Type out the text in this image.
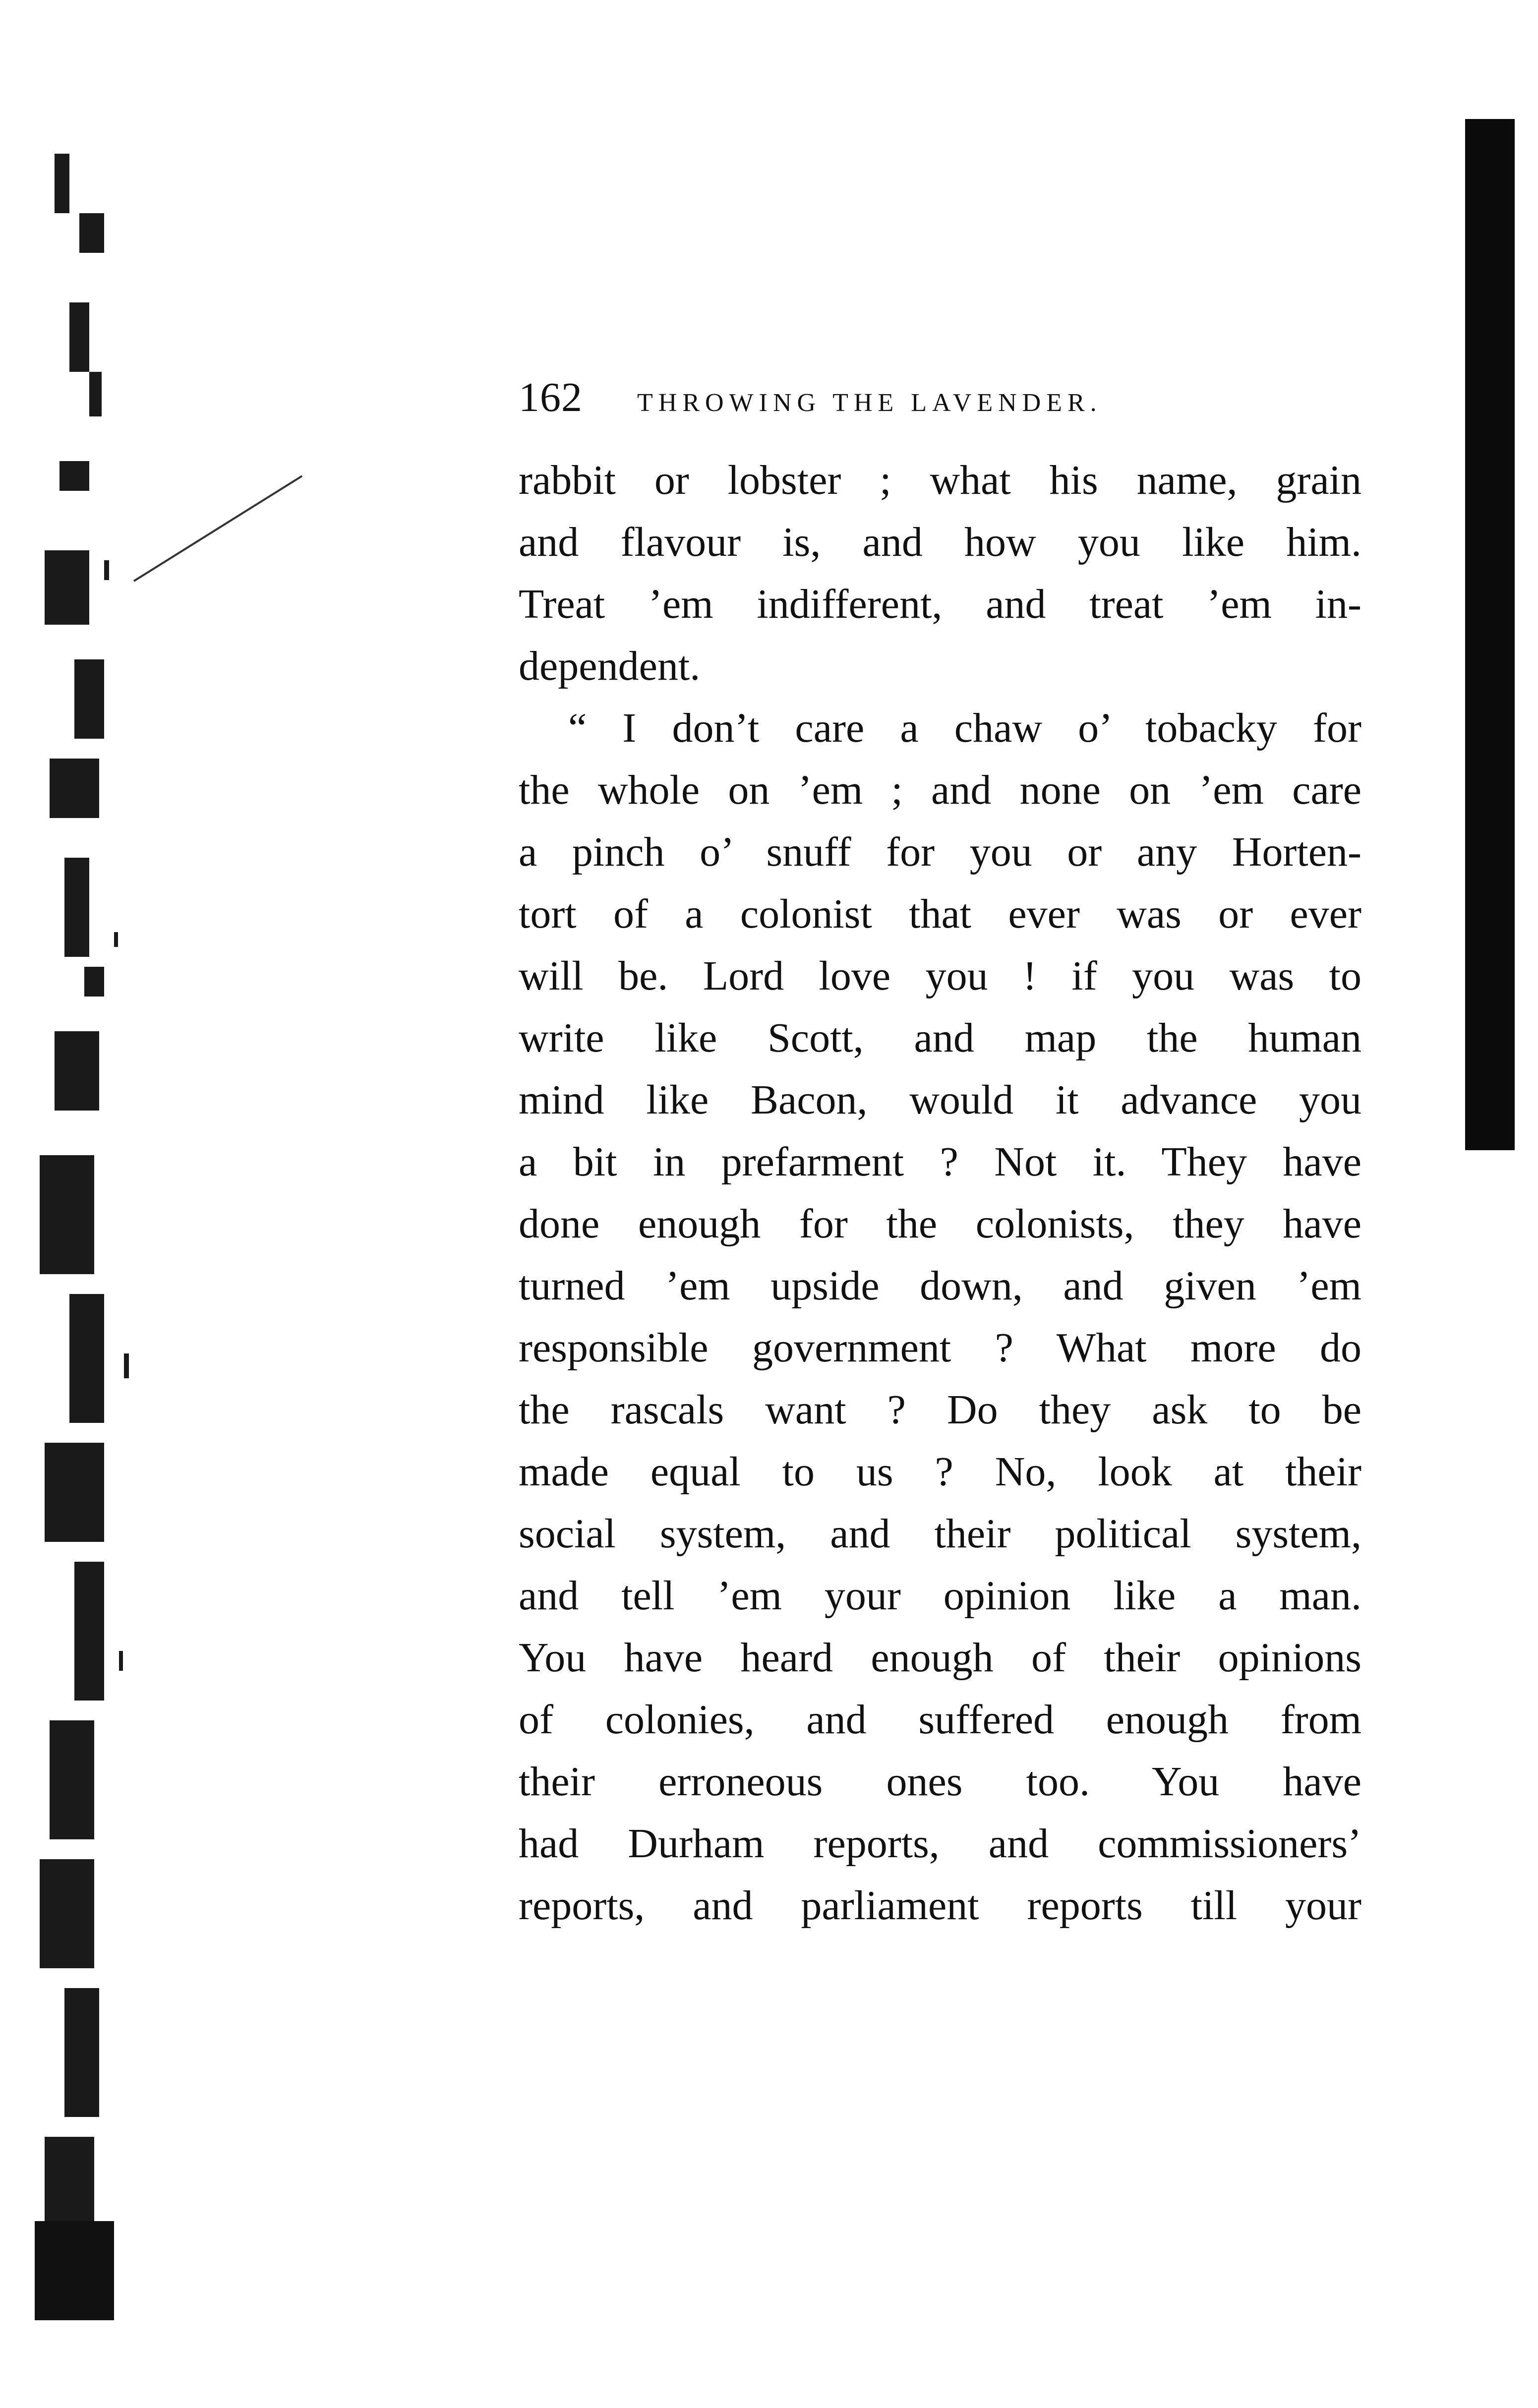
162 THROWING THE LAVENDER.
rabbit or lobster ; what his name, grain
and flavour is, and how you like him.
Treat ’em indifferent, and treat ’em in-
dependent.
“ I don’t care a chaw o’ tobacky for
the whole on ’em ; and none on ’em care
a pinch o’ snuff for you or any Horten-
tort of a colonist that ever was or ever
will be. Lord love you ! if you was to
write like Scott, and map the human
mind like Bacon, would it advance you
a bit in prefarment ? Not it. They have
done enough for the colonists, they have
turned ’em upside down, and given ’em
responsible government ? What more do
the rascals want ? Do they ask to be
made equal to us ? No, look at their
social system, and their political system,
and tell ’em your opinion like a man.
You have heard enough of their opinions
of colonies, and suffered enough from
their erroneous ones too. You have
had Durham reports, and commissioners’
reports, and parliament reports till your
